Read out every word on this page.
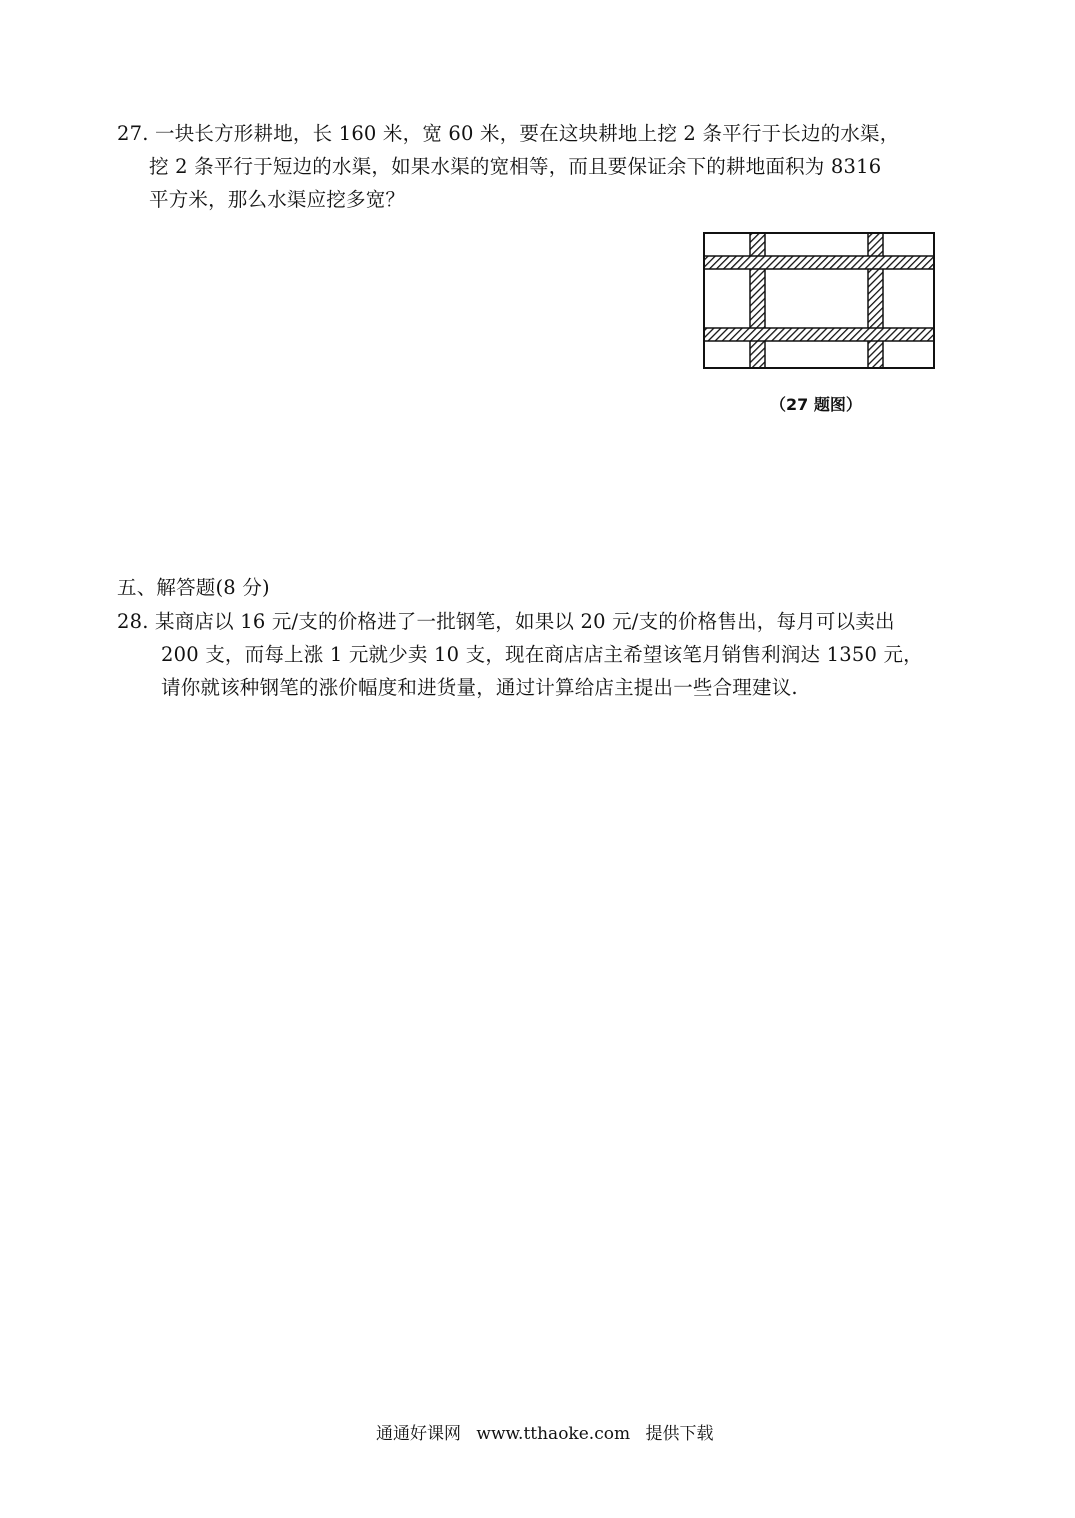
27. 一块长方形耕地，长 160 米，宽 60 米，要在这块耕地上挖 2 条平行于长边的水渠，
挖 2 条平行于短边的水渠，如果水渠的宽相等，而且要保证余下的耕地面积为 8316
平方米，那么水渠应挖多宽？
（27 题图）
五、解答题(8 分)
28. 某商店以 16 元/支的价格进了一批钢笔，如果以 20 元/支的价格售出，每月可以卖出
200 支，而每上涨 1 元就少卖 10 支，现在商店店主希望该笔月销售利润达 1350 元，
请你就该种钢笔的涨价幅度和进货量，通过计算给店主提出一些合理建议.
通通好课网 www.tthaoke.com 提供下载
